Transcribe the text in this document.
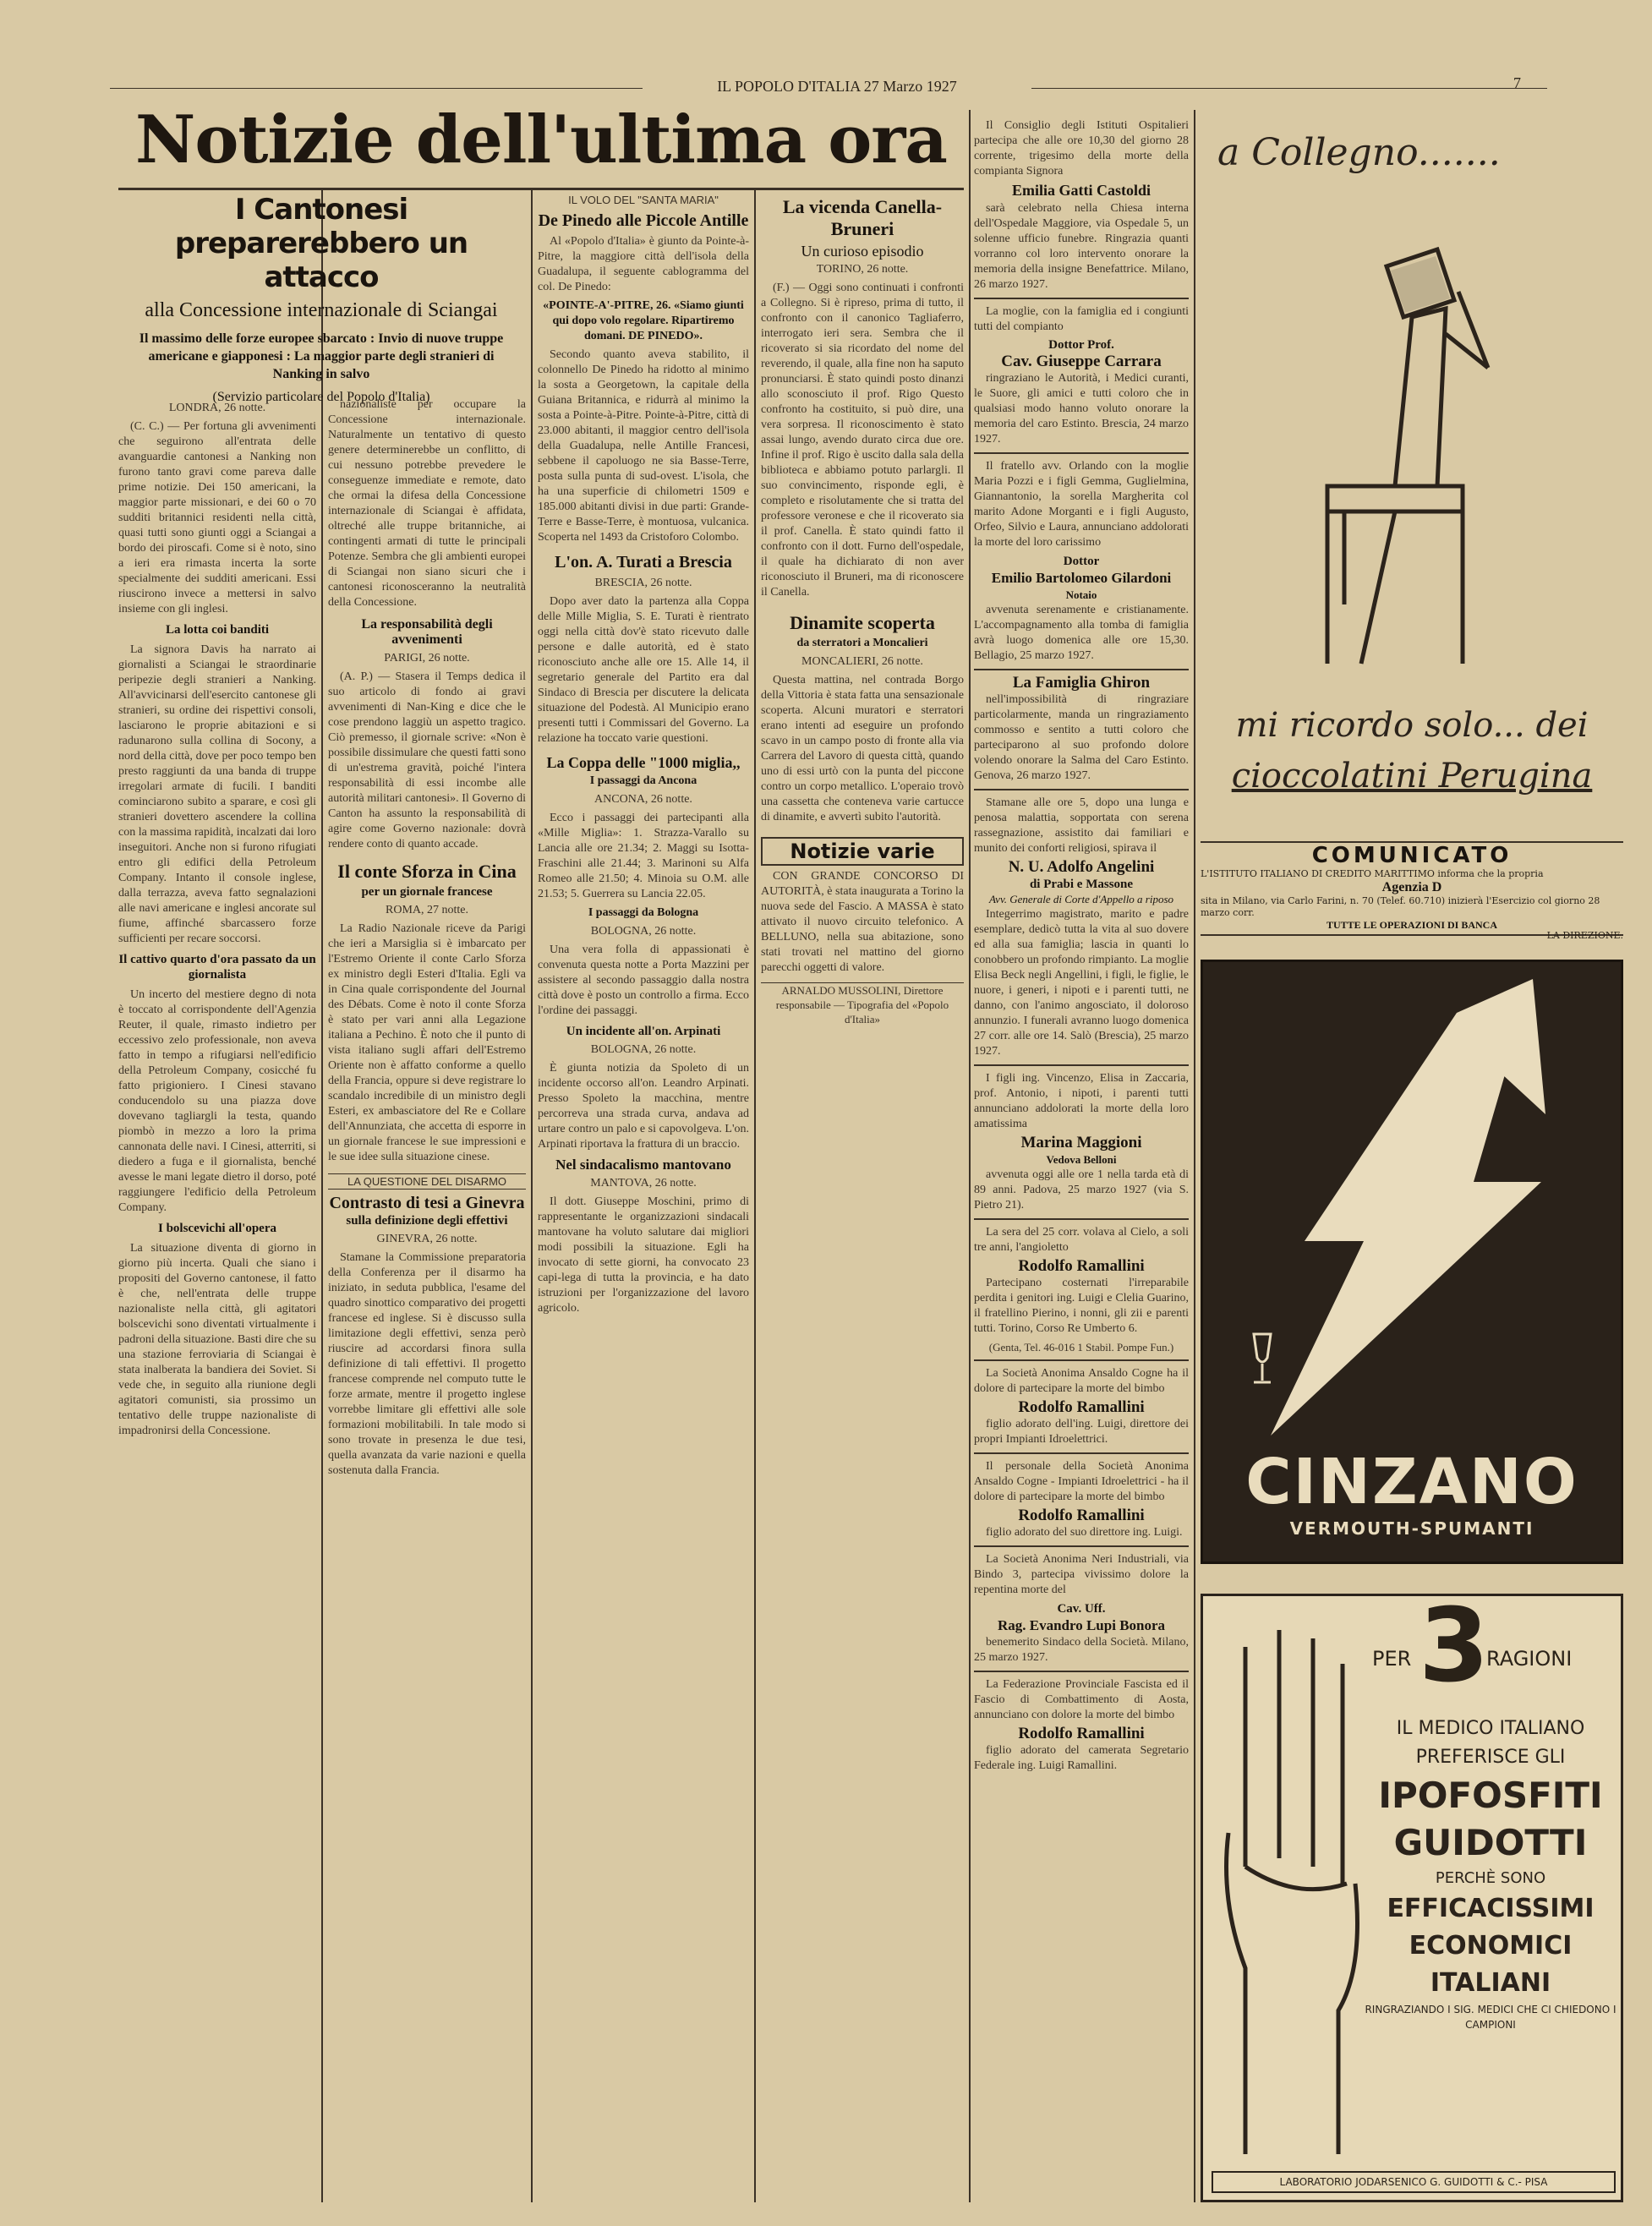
IL POPOLO D'ITALIA 27 Marzo 1927	7
Notizie dell'ultima ora
I Cantonesi preparerebbero un attacco
alla Concessione internazionale di Sciangai
Il massimo delle forze europee sbarcato : Invio di nuove truppe americane e giapponesi : La maggior parte degli stranieri di Nanking in salvo
(Servizio particolare del Popolo d'Italia)
LONDRA, 26 notte.

(C. C.) — Per fortuna gli avvenimenti che seguirono all'entrata delle avanguardie cantonesi a Nanking non furono tanto gravi come pareva dalle prime notizie. Dei 150 americani, la maggior parte missionari, e dei 60 o 70 sudditi britannici residenti nella città, quasi tutti sono giunti oggi a Sciangai a bordo dei piroscafi. Come si è noto, sino a ieri era rimasta incerta la sorte specialmente dei sudditi americani. Essi riuscirono invece a mettersi in salvo insieme con gli inglesi.

La lotta coi banditi

La signora Davis ha narrato ai giornalisti a Sciangai le straordinarie peripezie degli stranieri a Nanking. All'avvicinarsi dell'esercito cantonese gli stranieri, su ordine dei rispettivi consoli, lasciarono le proprie abitazioni e si radunarono sulla collina di Socony, a nord della città, dove per poco tempo ben presto raggiunti da una banda di truppe irregolari armate di fucili. I banditi cominciarono subito a sparare, e così gli stranieri dovettero ascendere la collina con la massima rapidità, incalzati dai loro inseguitori. Anche non si furono rifugiati entro gli edifici della Petroleum Company. Intanto il console inglese, dalla terrazza, aveva fatto segnalazioni alle navi americane e inglesi ancorate sul fiume, affinché sbarcassero forze sufficienti per recare soccorsi.

Il cattivo quarto d'ora passato da un giornalista

Un incerto del mestiere degno di nota è toccato al corrispondente dell'Agenzia Reuter, il quale, rimasto indietro per eccessivo zelo professionale, non aveva fatto in tempo a rifugiarsi nell'edificio della Petroleum Company, cosicché fu fatto prigioniero. I Cinesi stavano conducendolo su una piazza dove dovevano tagliargli la testa, quando piombò in mezzo a loro la prima cannonata delle navi. I Cinesi, atterriti, si diedero a fuga e il giornalista, benché avesse le mani legate dietro il dorso, poté raggiungere l'edificio della Petroleum Company.

I bolscevichi all'opera

La situazione diventa di giorno in giorno più incerta. Quali che siano i propositi del Governo cantonese, il fatto è che, nell'entrata delle truppe nazionaliste nella città, gli agitatori bolscevichi sono diventati virtualmente i padroni della situazione. Basti dire che su una stazione ferroviaria di Sciangai è stata inalberata la bandiera dei Soviet. Si vede che, in seguito alla riunione degli agitatori comunisti, sia prossimo un tentativo delle truppe nazionaliste di impadronirsi della Concessione.

nazionaliste per occupare la Concessione internazionale. Naturalmente un tentativo di questo genere determinerebbe un conflitto, di cui nessuno potrebbe prevedere le conseguenze immediate e remote, dato che ormai la difesa della Concessione internazionale di Sciangai è affidata, oltreché alle truppe britanniche, ai contingenti armati di tutte le principali Potenze. Sembra che gli ambienti europei di Sciangai non siano sicuri che i cantonesi riconosceranno la neutralità della Concessione.

La responsabilità degli avvenimenti
PARIGI, 26 notte.

(A. P.) — Stasera il Temps dedica il suo articolo di fondo ai gravi avvenimenti di Nan-King e dice che le cose prendono laggiù un aspetto tragico. Ciò premesso, il giornale scrive: «Non è possibile dissimulare che questi fatti sono di un'estrema gravità, poiché l'intera responsabilità di essi incombe alle autorità militari cantonesi». Il Governo di Canton ha assunto la responsabilità di agire come Governo nazionale: dovrà rendere conto di quanto accade.

Il conte Sforza in Cina
per un giornale francese
ROMA, 27 notte.

La Radio Nazionale riceve da Parigi che ieri a Marsiglia si è imbarcato per l'Estremo Oriente il conte Carlo Sforza ex ministro degli Esteri d'Italia. Egli va in Cina quale corrispondente del Journal des Débats. Come è noto il conte Sforza è stato per vari anni alla Legazione italiana a Pechino. È noto che il punto di vista italiano sugli affari dell'Estremo Oriente non è affatto conforme a quello della Francia, oppure si deve registrare lo scandalo incredibile di un ministro degli Esteri, ex ambasciatore del Re e Collare dell'Annunziata, che accetta di esporre in un giornale francese le sue impressioni e le sue idee sulla situazione cinese.

LA QUESTIONE DEL DISARMO
Contrasto di tesi a Ginevra
sulla definizione degli effettivi
GINEVRA, 26 notte.

Stamane la Commissione preparatoria della Conferenza per il disarmo ha iniziato, in seduta pubblica, l'esame del quadro sinottico comparativo dei progetti francese ed inglese. Si è discusso sulla limitazione degli effettivi, senza però riuscire ad accordarsi finora sulla definizione di tali effettivi. Il progetto francese comprende nel computo tutte le forze armate, mentre il progetto inglese vorrebbe limitare gli effettivi alle sole formazioni mobilitabili. In tale modo si sono trovate in presenza le due tesi, quella avanzata da varie nazioni e quella sostenuta dalla Francia.

IL VOLO DEL "SANTA MARIA"
De Pinedo alle Piccole Antille

Al «Popolo d'Italia» è giunto da Pointe-à-Pitre, la maggiore città dell'isola della Guadalupa, il seguente cablogramma del col. De Pinedo:

«POINTE-A'-PITRE, 26. «Siamo giunti qui dopo volo regolare. Ripartiremo domani. DE PINEDO».

Secondo quanto aveva stabilito, il colonnello De Pinedo ha ridotto al minimo la sosta a Georgetown, la capitale della Guiana Britannica, e ridurrà al minimo la sosta a Pointe-à-Pitre. Pointe-à-Pitre, città di 23.000 abitanti, il maggior centro dell'isola della Guadalupa, nelle Antille Francesi, sebbene il capoluogo ne sia Basse-Terre, posta sulla punta di sud-ovest. L'isola, che ha una superficie di chilometri 1509 e 185.000 abitanti divisi in due parti: Grande-Terre e Basse-Terre, è montuosa, vulcanica. Scoperta nel 1493 da Cristoforo Colombo.

L'on. A. Turati a Brescia
BRESCIA, 26 notte.

Dopo aver dato la partenza alla Coppa delle Mille Miglia, S. E. Turati è rientrato oggi nella città dov'è stato ricevuto dalle persone e dalle autorità, ed è stato riconosciuto anche alle ore 15. Alle 14, il segretario generale del Partito era dal Sindaco di Brescia per discutere la delicata situazione del Podestà. Al Municipio erano presenti tutti i Commissari del Governo. La relazione ha toccato varie questioni.

La Coppa delle "1000 miglia,,
I passaggi da Ancona
ANCONA, 26 notte.

Ecco i passaggi dei partecipanti alla «Mille Miglia»: 1. Strazza-Varallo su Lancia alle ore 21.34; 2. Maggi su Isotta-Fraschini alle 21.44; 3. Marinoni su Alfa Romeo alle 21.50; 4. Minoia su O.M. alle 21.53; 5. Guerrera su Lancia 22.05.

I passaggi da Bologna
BOLOGNA, 26 notte.

Una vera folla di appassionati è convenuta questa notte a Porta Mazzini per assistere al secondo passaggio dalla nostra città dove è posto un controllo a firma. Ecco l'ordine dei passaggi.

Un incidente all'on. Arpinati
BOLOGNA, 26 notte.

È giunta notizia da Spoleto di un incidente occorso all'on. Leandro Arpinati. Presso Spoleto la macchina, mentre percorreva una strada curva, andava ad urtare contro un palo e si capovolgeva. L'on. Arpinati riportava la frattura di un braccio.

Nel sindacalismo mantovano
MANTOVA, 26 notte.

Il dott. Giuseppe Moschini, primo di rappresentante le organizzazioni sindacali mantovane ha voluto salutare dai migliori modi possibili la situazione. Egli ha invocato di sette giorni, ha convocato 23 capi-lega di tutta la provincia, e ha dato istruzioni per l'organizzazione del lavoro agricolo.

La vicenda Canella-Bruneri
Un curioso episodio
TORINO, 26 notte.

(F.) — Oggi sono continuati i confronti a Collegno. Si è ripreso, prima di tutto, il confronto con il canonico Tagliaferro, interrogato ieri sera. Sembra che il ricoverato si sia ricordato del nome del reverendo, il quale, alla fine non ha saputo pronunciarsi. È stato quindi posto dinanzi allo sconosciuto il prof. Rigo Questo confronto ha costituito, si può dire, una vera sorpresa. Il riconoscimento è stato assai lungo, avendo durato circa due ore. Infine il prof. Rigo è uscito dalla sala della biblioteca e abbiamo potuto parlargli. Il suo convincimento, risponde egli, è completo e risolutamente che si tratta del professore veronese e che il ricoverato sia il prof. Canella. È stato quindi fatto il confronto con il dott. Furno dell'ospedale, il quale ha dichiarato di non aver riconosciuto il Bruneri, ma di riconoscere il Canella.

Dinamite scoperta
da sterratori a Moncalieri
MONCALIERI, 26 notte.

Questa mattina, nel contrada Borgo della Vittoria è stata fatta una sensazionale scoperta. Alcuni muratori e sterratori erano intenti ad eseguire un profondo scavo in un campo posto di fronte alla via Carrera del Lavoro di questa città, quando uno di essi urtò con la punta del piccone contro un corpo metallico. L'operaio trovò una cassetta che conteneva varie cartucce di dinamite, e avvertì subito l'autorità.

Notizie varie

CON GRANDE CONCORSO DI AUTORITÀ, è stata inaugurata a Torino la nuova sede del Fascio. A MASSA è stato attivato il nuovo circuito telefonico. A BELLUNO, nella sua abitazione, sono stati trovati nel mattino del giorno parecchi oggetti di valore.

ARNALDO MUSSOLINI, Direttore responsabile — Tipografia del «Popolo d'Italia»

Il Consiglio degli Istituti Ospitalieri partecipa che alle ore 10,30 del giorno 28 corrente, trigesimo della morte della compianta Signora

Emilia Gatti Castoldi

sarà celebrato nella Chiesa interna dell'Ospedale Maggiore, via Ospedale 5, un solenne ufficio funebre. Ringrazia quanti vorranno col loro intervento onorare la memoria della insigne Benefattrice. Milano, 26 marzo 1927.

La moglie, con la famiglia ed i congiunti tutti del compianto

Dottor Prof.
Cav. Giuseppe Carrara

ringraziano le Autorità, i Medici curanti, le Suore, gli amici e tutti coloro che in qualsiasi modo hanno voluto onorare la memoria del caro Estinto. Brescia, 24 marzo 1927.

Il fratello avv. Orlando con la moglie Maria Pozzi e i figli Gemma, Guglielmina, Giannantonio, la sorella Margherita col marito Adone Morganti e i figli Augusto, Orfeo, Silvio e Laura, annunciano addolorati la morte del loro carissimo

Dottor
Emilio Bartolomeo Gilardoni
Notaio

avvenuta serenamente e cristianamente. L'accompagnamento alla tomba di famiglia avrà luogo domenica alle ore 15,30. Bellagio, 25 marzo 1927.

La Famiglia Ghiron

nell'impossibilità di ringraziare particolarmente, manda un ringraziamento commosso e sentito a tutti coloro che parteciparono al suo profondo dolore volendo onorare la Salma del Caro Estinto. Genova, 26 marzo 1927.

Stamane alle ore 5, dopo una lunga e penosa malattia, sopportata con serena rassegnazione, assistito dai familiari e munito dei conforti religiosi, spirava il

N. U. Adolfo Angelini
di Prabi e Massone
Avv. Generale di Corte d'Appello a riposo

Integerrimo magistrato, marito e padre esemplare, dedicò tutta la vita al suo dovere ed alla sua famiglia; lascia in quanti lo conobbero un profondo rimpianto. La moglie Elisa Beck negli Angellini, i figli, le figlie, le nuore, i generi, i nipoti e i parenti tutti, ne danno, con l'animo angosciato, il doloroso annunzio. I funerali avranno luogo domenica 27 corr. alle ore 14. Salò (Brescia), 25 marzo 1927.

I figli ing. Vincenzo, Elisa in Zaccaria, prof. Antonio, i nipoti, i parenti tutti annunciano addolorati la morte della loro amatissima

Marina Maggioni
Vedova Belloni

avvenuta oggi alle ore 1 nella tarda età di 89 anni. Padova, 25 marzo 1927 (via S. Pietro 21).

La sera del 25 corr. volava al Cielo, a soli tre anni, l'angioletto

Rodolfo Ramallini

Partecipano costernati l'irreparabile perdita i genitori ing. Luigi e Clelia Guarino, il fratellino Pierino, i nonni, gli zii e parenti tutti. Torino, Corso Re Umberto 6.

(Genta, Tel. 46-016 1 Stabil. Pompe Fun.)

La Società Anonima Ansaldo Cogne ha il dolore di partecipare la morte del bimbo

Rodolfo Ramallini

figlio adorato dell'ing. Luigi, direttore dei propri Impianti Idroelettrici.

Il personale della Società Anonima Ansaldo Cogne - Impianti Idroelettrici - ha il dolore di partecipare la morte del bimbo

Rodolfo Ramallini

figlio adorato del suo direttore ing. Luigi.

La Società Anonima Neri Industriali, via Bindo 3, partecipa vivissimo dolore la repentina morte del

Cav. Uff.
Rag. Evandro Lupi Bonora

benemerito Sindaco della Società. Milano, 25 marzo 1927.

La Federazione Provinciale Fascista ed il Fascio di Combattimento di Aosta, annunciano con dolore la morte del bimbo

Rodolfo Ramallini

figlio adorato del camerata Segretario Federale ing. Luigi Ramallini.

a Collegno.......
mi ricordo solo... dei
cioccolatini Perugina
COMUNICATO
L'ISTITUTO ITALIANO DI CREDITO MARITTIMO informa che la propria
Agenzia D
sita in Milano, via Carlo Farini, n. 70 (Telef. 60.710) inizierà l'Esercizio col giorno 28 marzo corr.
TUTTE LE OPERAZIONI DI BANCA
LA DIREZIONE.
CINZANO
VERMOUTH-SPUMANTI
PER 3
RAGIONI
IL MEDICO ITALIANO
PREFERISCE GLI
IPOFOSFITI
GUIDOTTI
PERCHÈ SONO
EFFICACISSIMI
ECONOMICI
ITALIANI
RINGRAZIANDO I SIG. MEDICI CHE CI CHIEDONO I CAMPIONI
LABORATORIO JODARSENICO G. GUIDOTTI & C.- PISA
